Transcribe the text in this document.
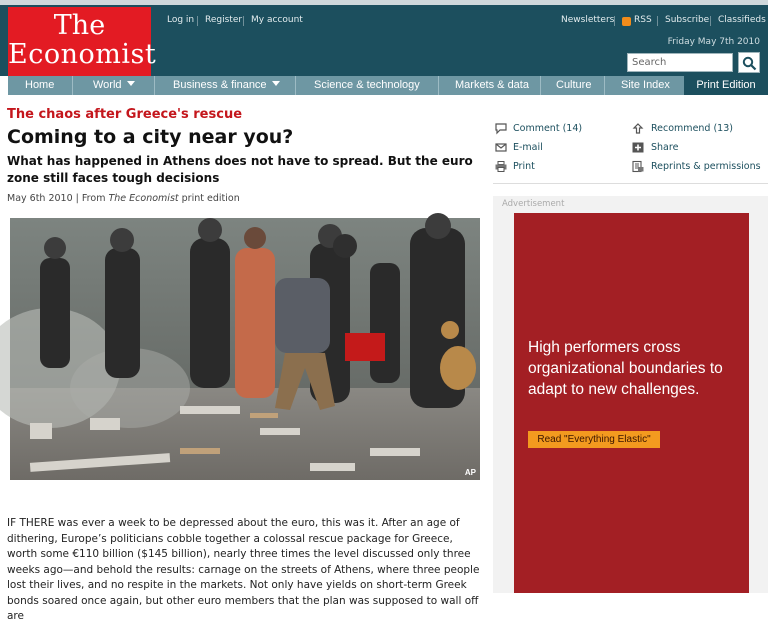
The
Economist
Log in Register My account	Newsletters RSS Subscribe Classifieds
Friday May 7th 2010
Search
Home	World	Business & finance	Science & technology	Markets & data Culture	Site Index	Print Edition
The chaos after Greece's rescue
Coming to a city near you?
What has happened in Athens does not have to spread. But the euro zone still faces tough decisions
May 6th 2010 | From The Economist print edition
AP
IF THERE was ever a week to be depressed about the euro, this was it. After an age of dithering, Europe’s politicians cobble together a colossal rescue package for Greece, worth some €110 billion ($145 billion), nearly three times the level discussed only three weeks ago—and behold the results: carnage on the streets of Athens, where three people lost their lives, and no respite in the markets. Not only have yields on short-term Greek bonds soared once again, but other euro members that the plan was supposed to wall off are
Comment (14)	Recommend (13)
E-mail	Share
Print	Reprints & permissions
Advertisement
High performers cross organizational boundaries to adapt to new challenges.
Read "Everything Elastic"
